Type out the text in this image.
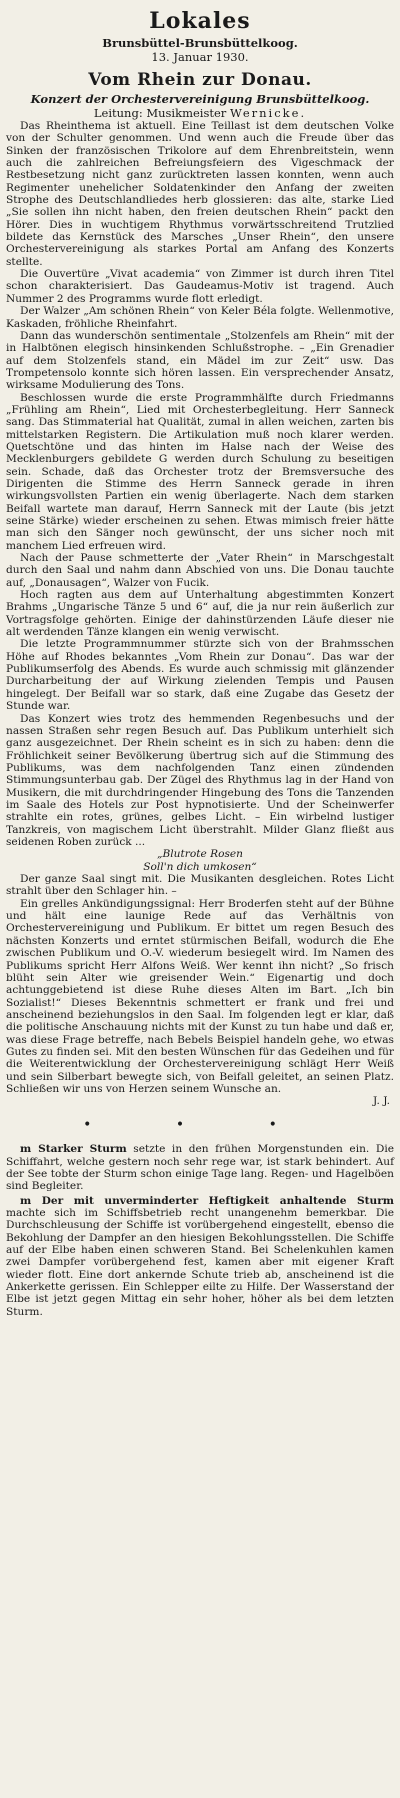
Lokales
Brunsbüttel-Brunsbüttelkoog.
13. Januar 1930.
Vom Rhein zur Donau.
Konzert der Orchestervereinigung Brunsbüttelkoog.
Leitung: Musikmeister Wernicke.

Das Rheinthema ist aktuell. Eine Teillast ist dem deutschen Volke von der Schulter genommen. Und wenn auch die Freude über das Sinken der französischen Trikolore auf dem Ehrenbreitstein, wenn auch die zahlreichen Befreiungsfeiern des Vigeschmack der Restbesetzung nicht ganz zurücktreten lassen konnten, wenn auch Regimenter unehelicher Soldatenkinder den Anfang der zweiten Strophe des Deutschlandliedes herb glossieren: das alte, starke Lied „Sie sollen ihn nicht haben, den freien deutschen Rhein“ packt den Hörer. Dies in wuchtigem Rhythmus vorwärtsschreitend Trutzlied bildete das Kernstück des Marsches „Unser Rhein“, den unsere Orchestervereinigung als starkes Portal am Anfang des Konzerts stellte.

Die Ouvertüre „Vivat academia“ von Zimmer ist durch ihren Titel schon charakterisiert. Das Gaudeamus-Motiv ist tragend. Auch Nummer 2 des Programms wurde flott erledigt.

Der Walzer „Am schönen Rhein“ von Keler Béla folgte. Wellenmotive, Kaskaden, fröhliche Rheinfahrt.

Dann das wunderschön sentimentale „Stolzenfels am Rhein“ mit der in Halbtönen elegisch hinsinkenden Schlußstrophe. – „Ein Grenadier auf dem Stolzenfels stand, ein Mädel im zur Zeit“ usw. Das Trompetensolo konnte sich hören lassen. Ein versprechender Ansatz, wirksame Modulierung des Tons.

Beschlossen wurde die erste Programmhälfte durch Friedmanns „Frühling am Rhein“, Lied mit Orchesterbegleitung. Herr Sanneck sang. Das Stimmaterial hat Qualität, zumal in allen weichen, zarten bis mittelstarken Registern. Die Artikulation muß noch klarer werden. Quetschtöne und das hinten im Halse nach der Weise des Mecklenburgers gebildete G werden durch Schulung zu beseitigen sein. Schade, daß das Orchester trotz der Bremsversuche des Dirigenten die Stimme des Herrn Sanneck gerade in ihren wirkungsvollsten Partien ein wenig überlagerte. Nach dem starken Beifall wartete man darauf, Herrn Sanneck mit der Laute (bis jetzt seine Stärke) wieder erscheinen zu sehen. Etwas mimisch freier hätte man sich den Sänger noch gewünscht, der uns sicher noch mit manchem Lied erfreuen wird.

Nach der Pause schmetterte der „Vater Rhein“ in Marschgestalt durch den Saal und nahm dann Abschied von uns. Die Donau tauchte auf, „Donausagen“, Walzer von Fucik.

Hoch ragten aus dem auf Unterhaltung abgestimmten Konzert Brahms „Ungarische Tänze 5 und 6“ auf, die ja nur rein äußerlich zur Vortragsfolge gehörten. Einige der dahinstürzenden Läufe dieser nie alt werdenden Tänze klangen ein wenig verwischt.

Die letzte Programmnummer stürzte sich von der Brahmsschen Höhe auf Rhodes bekanntes „Vom Rhein zur Donau“. Das war der Publikumserfolg des Abends. Es wurde auch schmissig mit glänzender Durcharbeitung der auf Wirkung zielenden Tempis und Pausen hingelegt. Der Beifall war so stark, daß eine Zugabe das Gesetz der Stunde war.

Das Konzert wies trotz des hemmenden Regenbesuchs und der nassen Straßen sehr regen Besuch auf. Das Publikum unterhielt sich ganz ausgezeichnet. Der Rhein scheint es in sich zu haben: denn die Fröhlichkeit seiner Bevölkerung übertrug sich auf die Stimmung des Publikums, was dem nachfolgenden Tanz einen zündenden Stimmungsunterbau gab. Der Zügel des Rhythmus lag in der Hand von Musikern, die mit durchdringender Hingebung des Tons die Tanzenden im Saale des Hotels zur Post hypnotisierte. Und der Scheinwerfer strahlte ein rotes, grünes, gelbes Licht. – Ein wirbelnd lustiger Tanzkreis, von magischem Licht überstrahlt. Milder Glanz fließt aus seidenen Roben zurück ...

„Blutrote Rosen
Soll'n dich umkosen“

Der ganze Saal singt mit. Die Musikanten desgleichen. Rotes Licht strahlt über den Schlager hin. –

Ein grelles Ankündigungssignal: Herr Broderfen steht auf der Bühne und hält eine launige Rede auf das Verhältnis von Orchestervereinigung und Publikum. Er bittet um regen Besuch des nächsten Konzerts und erntet stürmischen Beifall, wodurch die Ehe zwischen Publikum und O.-V. wiederum besiegelt wird. Im Namen des Publikums spricht Herr Alfons Weiß. Wer kennt ihn nicht? „So frisch blüht sein Alter wie greisender Wein.“ Eigenartig und doch achtunggebietend ist diese Ruhe dieses Alten im Bart. „Ich bin Sozialist!“ Dieses Bekenntnis schmettert er frank und frei und anscheinend beziehungslos in den Saal. Im folgenden legt er klar, daß die politische Anschauung nichts mit der Kunst zu tun habe und daß er, was diese Frage betreffe, nach Bebels Beispiel handeln gehe, wo etwas Gutes zu finden sei. Mit den besten Wünschen für das Gedeihen und für die Weiterentwicklung der Orchestervereinigung schlägt Herr Weiß und sein Silberbart bewegte sich, von Beifall geleitet, an seinen Platz. Schließen wir uns von Herzen seinem Wunsche an.

J. J.
• • •

m Starker Sturm setzte in den frühen Morgenstunden ein. Die Schiffahrt, welche gestern noch sehr rege war, ist stark behindert. Auf der See tobte der Sturm schon einige Tage lang. Regen- und Hagelböen sind Begleiter.

m Der mit unverminderter Heftigkeit anhaltende Sturm machte sich im Schiffsbetrieb recht unangenehm bemerkbar. Die Durchschleusung der Schiffe ist vorübergehend eingestellt, ebenso die Bekohlung der Dampfer an den hiesigen Bekohlungsstellen. Die Schiffe auf der Elbe haben einen schweren Stand. Bei Schelenkuhlen kamen zwei Dampfer vorübergehend fest, kamen aber mit eigener Kraft wieder flott. Eine dort ankernde Schute trieb ab, anscheinend ist die Ankerkette gerissen. Ein Schlepper eilte zu Hilfe. Der Wasserstand der Elbe ist jetzt gegen Mittag ein sehr hoher, höher als bei dem letzten Sturm.
